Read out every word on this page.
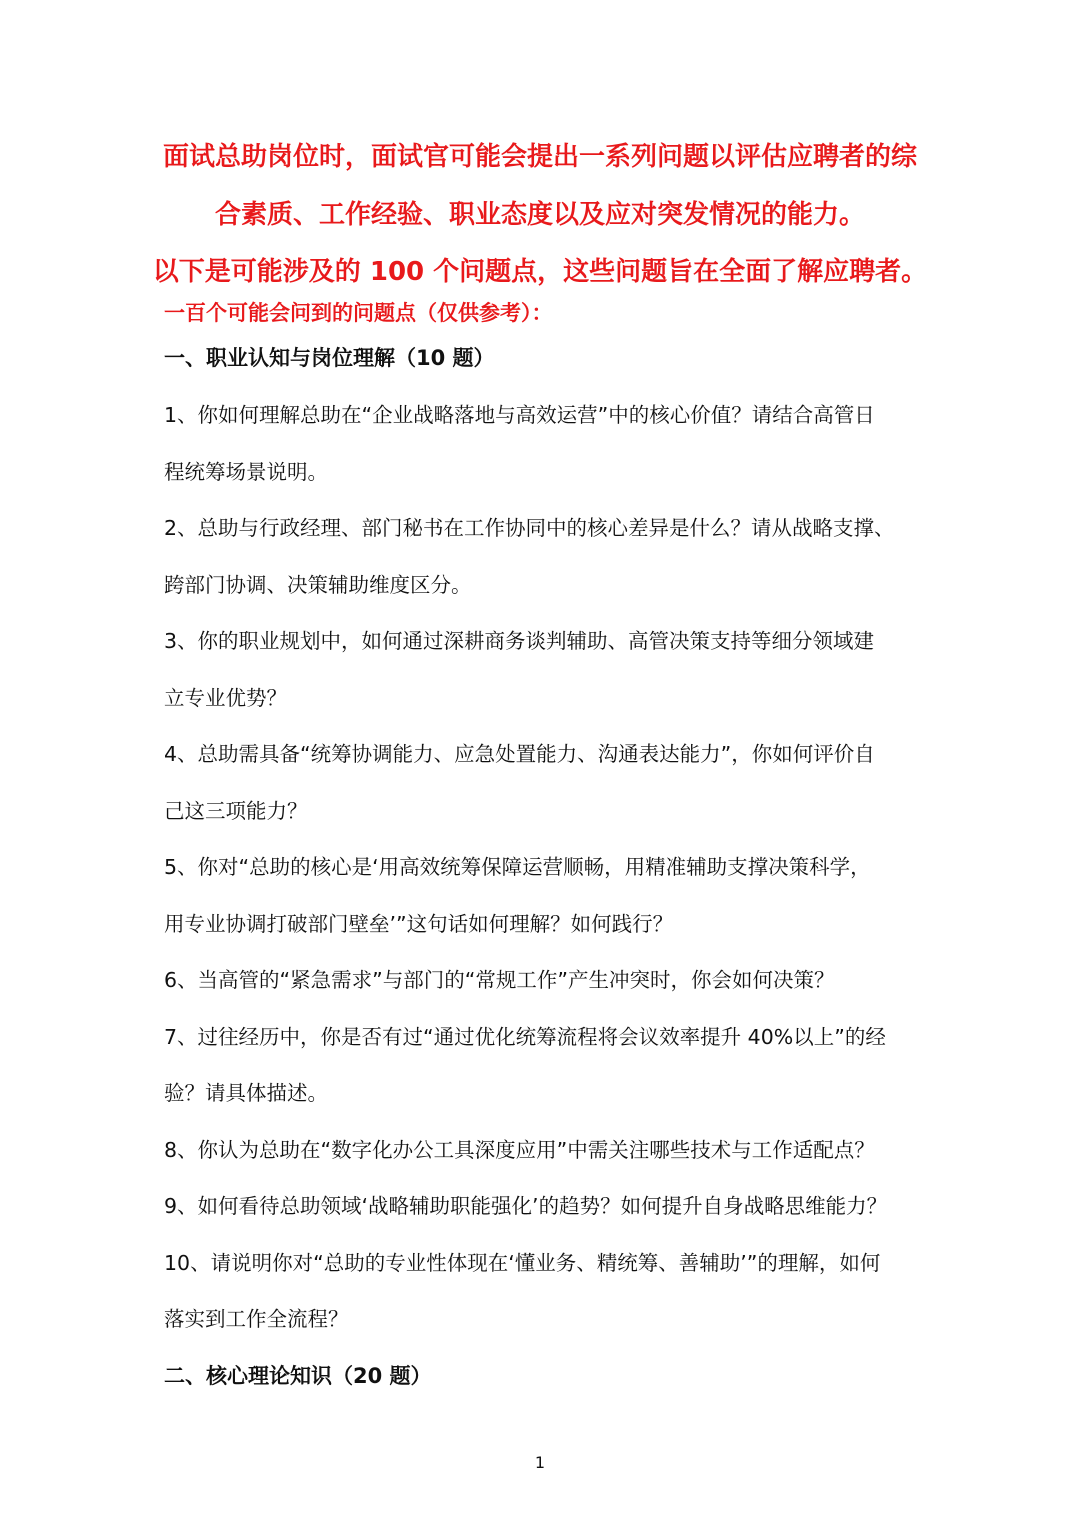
面试总助岗位时，面试官可能会提出一系列问题以评估应聘者的综
合素质、工作经验、职业态度以及应对突发情况的能力。
以下是可能涉及的 100 个问题点，这些问题旨在全面了解应聘者。
一百个可能会问到的问题点（仅供参考）：
一、职业认知与岗位理解（10 题）
1、你如何理解总助在“企业战略落地与高效运营”中的核心价值？请结合高管日
程统筹场景说明。
2、总助与行政经理、部门秘书在工作协同中的核心差异是什么？请从战略支撑、
跨部门协调、决策辅助维度区分。
3、你的职业规划中，如何通过深耕商务谈判辅助、高管决策支持等细分领域建
立专业优势？
4、总助需具备“统筹协调能力、应急处置能力、沟通表达能力”，你如何评价自
己这三项能力？
5、你对“总助的核心是‘用高效统筹保障运营顺畅，用精准辅助支撑决策科学，
用专业协调打破部门壁垒’”这句话如何理解？如何践行？
6、当高管的“紧急需求”与部门的“常规工作”产生冲突时，你会如何决策？
7、过往经历中，你是否有过“通过优化统筹流程将会议效率提升 40%以上”的经
验？请具体描述。
8、你认为总助在“数字化办公工具深度应用”中需关注哪些技术与工作适配点？
9、如何看待总助领域‘战略辅助职能强化’的趋势？如何提升自身战略思维能力？
10、请说明你对“总助的专业性体现在‘懂业务、精统筹、善辅助’”的理解，如何
落实到工作全流程？
二、核心理论知识（20 题）
1
